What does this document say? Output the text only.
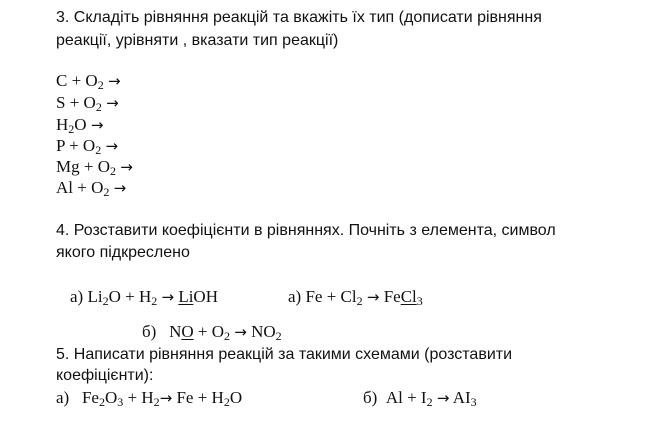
3. Складіть рівняння реакцій та вкажіть їх тип (дописати рівняння
реакції, урівняти , вказати тип реакції)
$C + O_2$ →
$S + O_2$ →
$H_2O$ →
$P + O_2$ →
$Mg + O_2$ →
$Al + O_2$ →
4. Розставити коефіцієнти в рівняннях. Почніть з елемента, символ
якого підкреслено
а) $Li_2O + H_2$ → LiOH	а) $Fe + Cl_2$ → FeCl$_3$
б) NO + $O_2 \to NO_2$
5. Написати рівняння реакцій за такими схемами (розставити
коефіцієнти):
а) $Fe_2O_3 + H_2\to Fe + H_2O$	б) $Al + I_2 \to AI_3$
